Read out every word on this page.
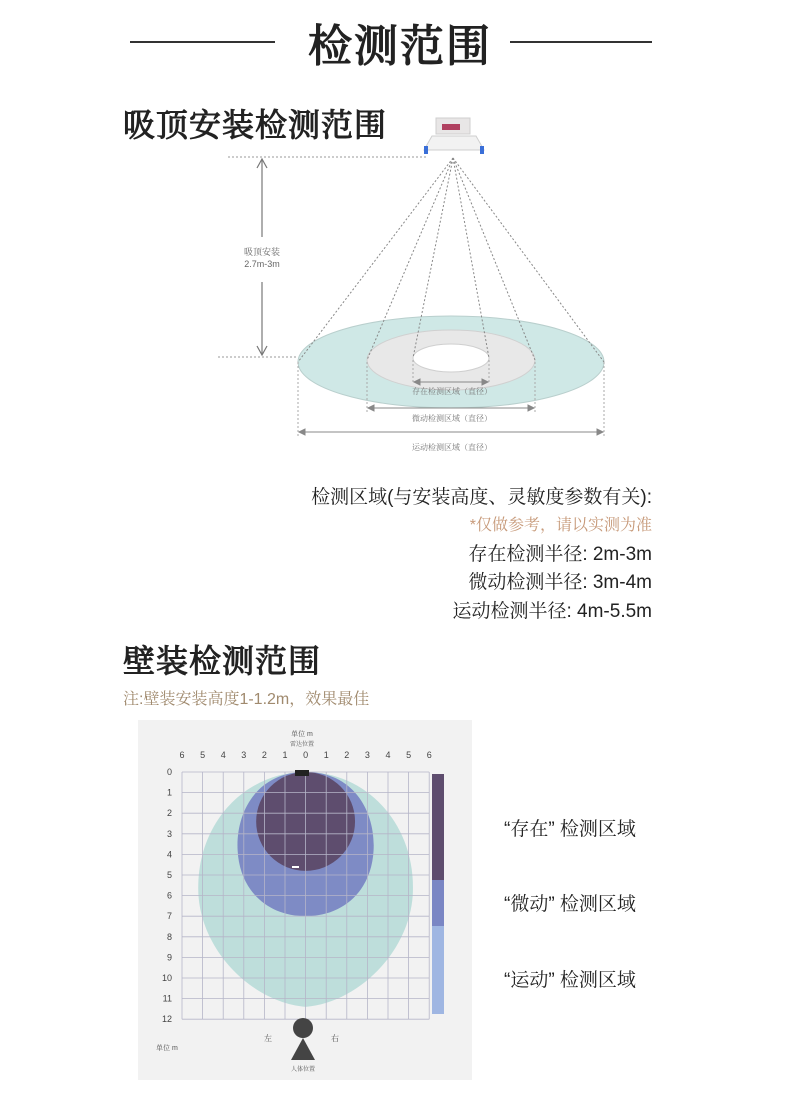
检测范围
吸顶安装检测范围
吸顶安装
2.7m-3m
存在检测区域（直径）
微动检测区域（直径）
运动检测区域（直径）
检测区域(与安装高度、灵敏度参数有关):
*仅做参考，请以实测为准
存在检测半径: 2m-3m
微动检测半径: 3m-4m
运动检测半径: 4m-5.5m
壁装检测范围
注:壁装安装高度1-1.2m，效果最佳
6 5 4 3 2 1 0 1 2 3 4 5 6
0
1
2
3
4
5
6
7
8
9
10
11
12
单位 m
雷达位置
单位 m
左	右
人体位置
“存在” 检测区域
“微动” 检测区域
“运动” 检测区域
